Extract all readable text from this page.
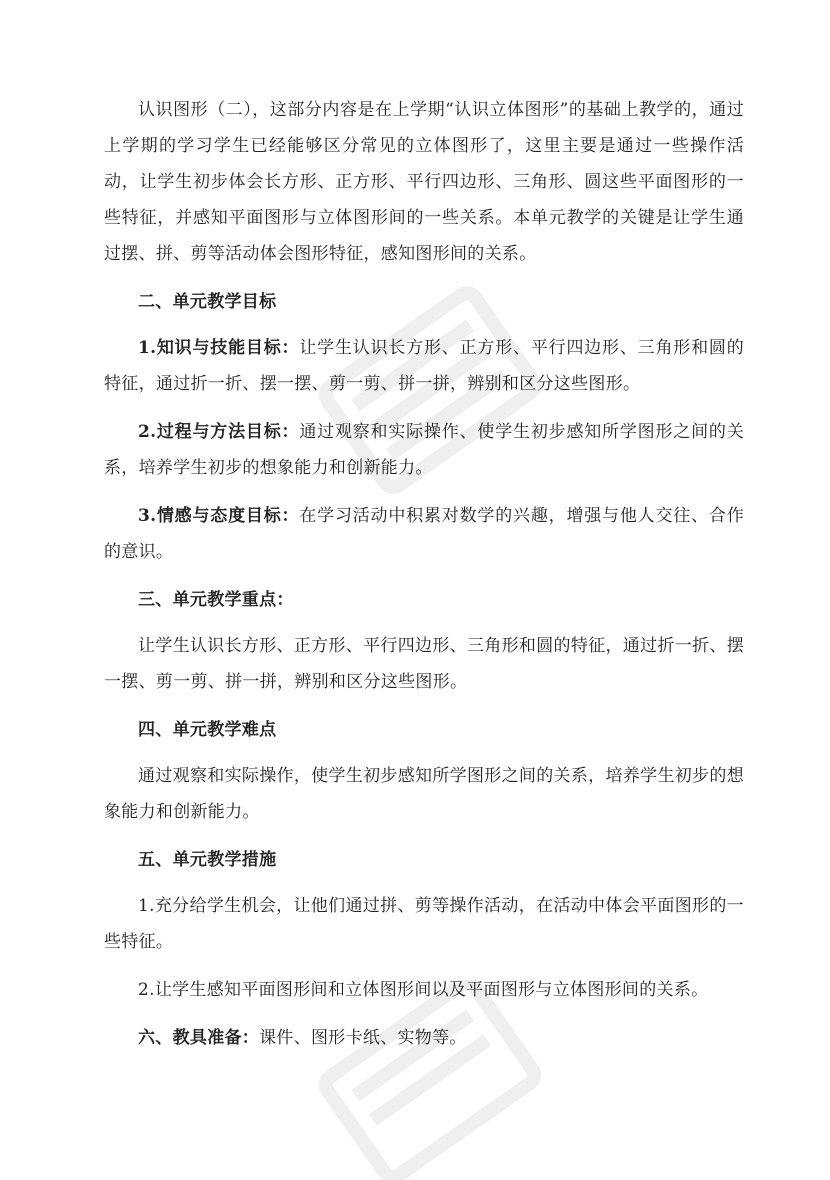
认识图形（二），这部分内容是在上学期“认识立体图形”的基础上教学的，通过上学期的学习学生已经能够区分常见的立体图形了，这里主要是通过一些操作活动，让学生初步体会长方形、正方形、平行四边形、三角形、圆这些平面图形的一些特征，并感知平面图形与立体图形间的一些关系。本单元教学的关键是让学生通过摆、拼、剪等活动体会图形特征，感知图形间的关系。

二、单元教学目标

1.知识与技能目标：让学生认识长方形、正方形、平行四边形、三角形和圆的特征，通过折一折、摆一摆、剪一剪、拼一拼，辨别和区分这些图形。

2.过程与方法目标：通过观察和实际操作、使学生初步感知所学图形之间的关系，培养学生初步的想象能力和创新能力。

3.情感与态度目标：在学习活动中积累对数学的兴趣，增强与他人交往、合作的意识。

三、单元教学重点：

让学生认识长方形、正方形、平行四边形、三角形和圆的特征，通过折一折、摆一摆、剪一剪、拼一拼，辨别和区分这些图形。

四、单元教学难点

通过观察和实际操作，使学生初步感知所学图形之间的关系，培养学生初步的想象能力和创新能力。

五、单元教学措施

1.充分给学生机会，让他们通过拼、剪等操作活动，在活动中体会平面图形的一些特征。

2.让学生感知平面图形间和立体图形间以及平面图形与立体图形间的关系。

六、教具准备：课件、图形卡纸、实物等。
